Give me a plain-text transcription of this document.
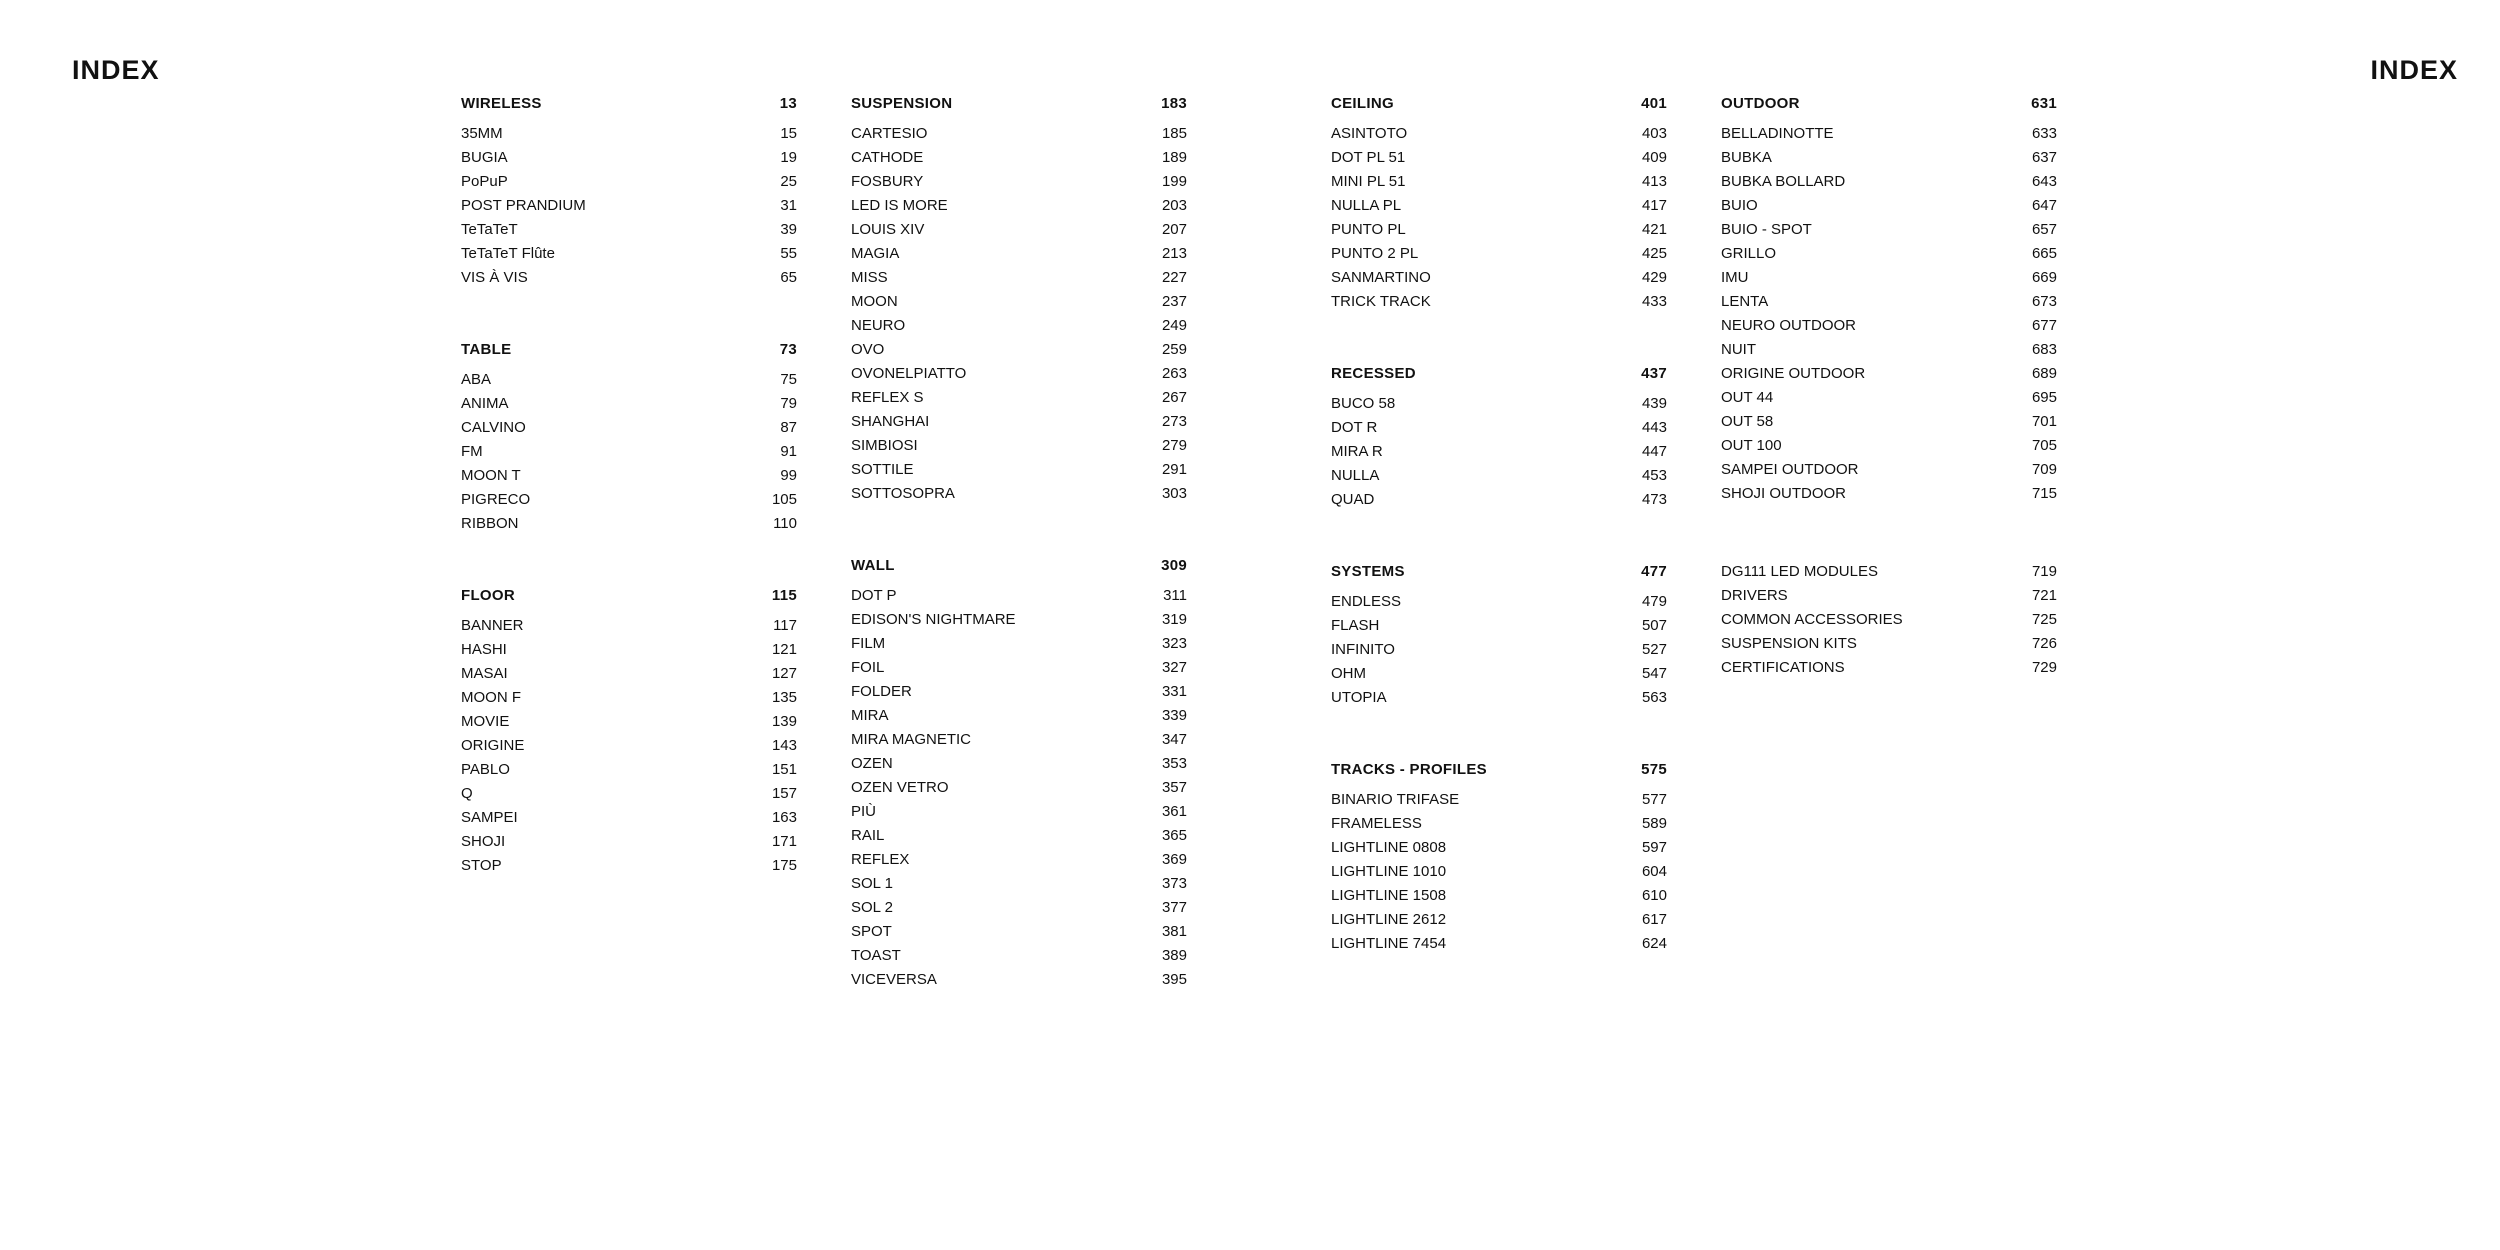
INDEX	INDEX
WIRELESS	13
35MM	15
BUGIA	19
PoPuP	25
POST PRANDIUM	31
TeTaTeT	39
TeTaTeT Flûte	55
VIS À VIS	65
TABLE	73
ABA	75
ANIMA	79
CALVINO	87
FM	91
MOON T	99
PIGRECO	105
RIBBON	110
FLOOR	115
BANNER	117
HASHI	121
MASAI	127
MOON F	135
MOVIE	139
ORIGINE	143
PABLO	151
Q	157
SAMPEI	163
SHOJI	171
STOP	175
SUSPENSION	183
CARTESIO	185
CATHODE	189
FOSBURY	199
LED IS MORE	203
LOUIS XIV	207
MAGIA	213
MISS	227
MOON	237
NEURO	249
OVO	259
OVONELPIATTO	263
REFLEX S	267
SHANGHAI	273
SIMBIOSI	279
SOTTILE	291
SOTTOSOPRA	303
WALL	309
DOT P	311
EDISON'S NIGHTMARE	319
FILM	323
FOIL	327
FOLDER	331
MIRA	339
MIRA MAGNETIC	347
OZEN	353
OZEN VETRO	357
PIÙ	361
RAIL	365
REFLEX	369
SOL 1	373
SOL 2	377
SPOT	381
TOAST	389
VICEVERSA	395
CEILING	401
ASINTOTO	403
DOT PL 51	409
MINI PL 51	413
NULLA PL	417
PUNTO PL	421
PUNTO 2 PL	425
SANMARTINO	429
TRICK TRACK	433
RECESSED	437
BUCO 58	439
DOT R	443
MIRA R	447
NULLA	453
QUAD	473
SYSTEMS	477
ENDLESS	479
FLASH	507
INFINITO	527
OHM	547
UTOPIA	563
TRACKS - PROFILES	575
BINARIO TRIFASE	577
FRAMELESS	589
LIGHTLINE 0808	597
LIGHTLINE 1010	604
LIGHTLINE 1508	610
LIGHTLINE 2612	617
LIGHTLINE 7454	624
OUTDOOR	631
BELLADINOTTE	633
BUBKA	637
BUBKA BOLLARD	643
BUIO	647
BUIO - SPOT	657
GRILLO	665
IMU	669
LENTA	673
NEURO OUTDOOR	677
NUIT	683
ORIGINE OUTDOOR	689
OUT 44	695
OUT 58	701
OUT 100	705
SAMPEI OUTDOOR	709
SHOJI OUTDOOR	715
DG111 LED MODULES	719
DRIVERS	721
COMMON ACCESSORIES	725
SUSPENSION KITS	726
CERTIFICATIONS	729
